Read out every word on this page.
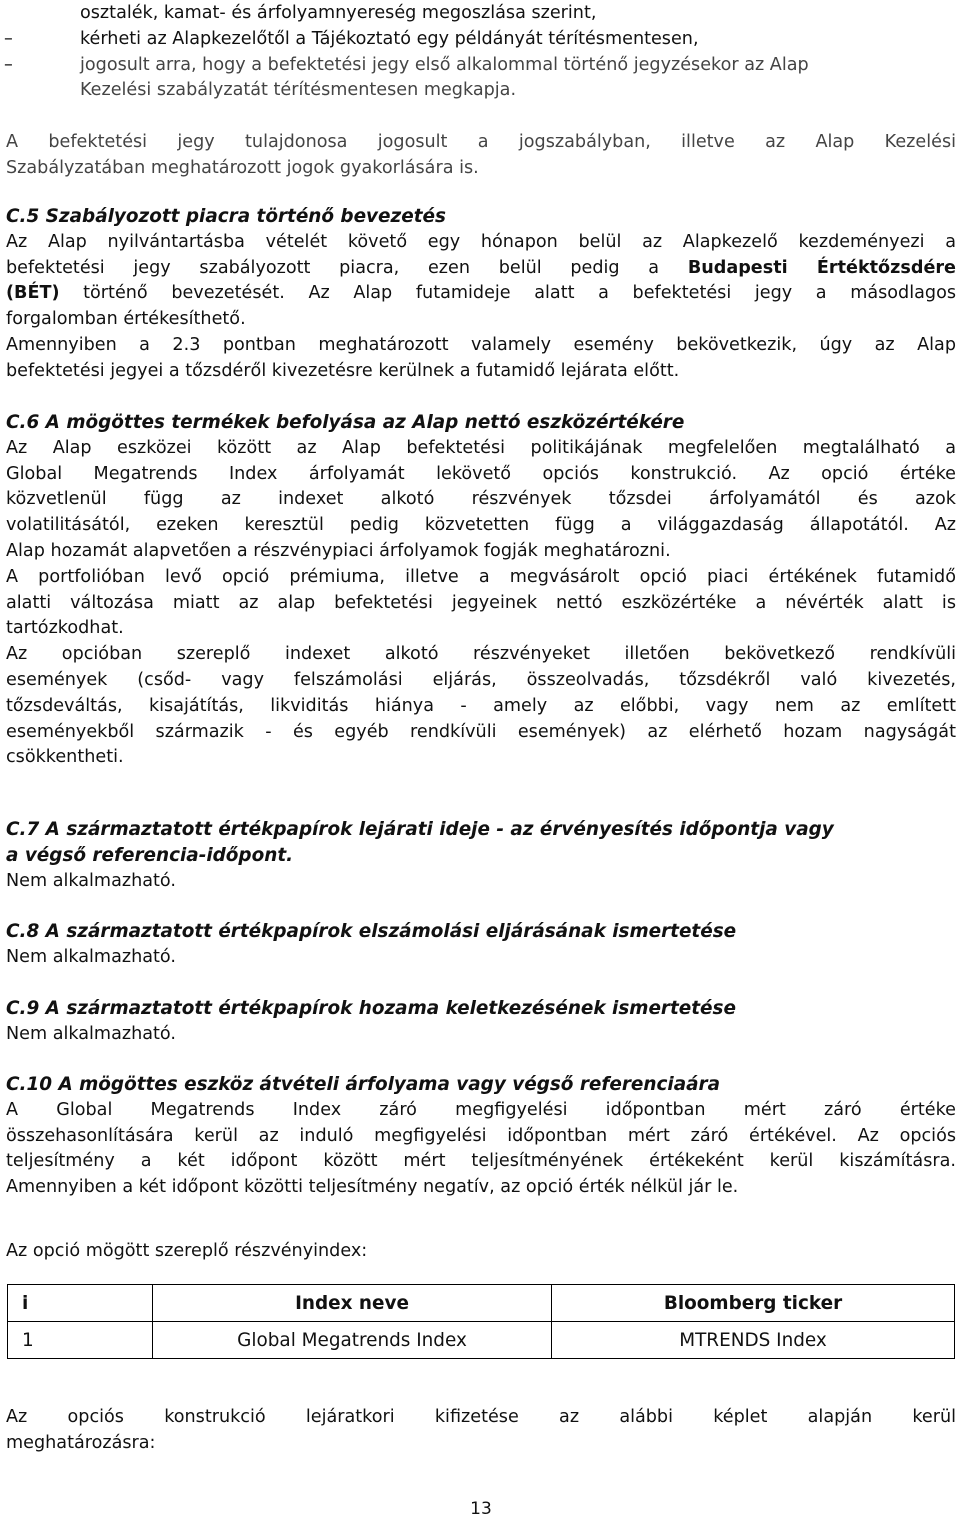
osztalék, kamat- és árfolyamnyereség megoszlása szerint,
–	kérheti az Alapkezelőtől a Tájékoztató egy példányát térítésmentesen,
–	jogosult arra, hogy a befektetési jegy első alkalommal történő jegyzésekor az Alap
Kezelési szabályzatát térítésmentesen megkapja.
A befektetési jegy tulajdonosa jogosult a jogszabályban, illetve az Alap Kezelési
Szabályzatában meghatározott jogok gyakorlására is.
C.5 Szabályozott piacra történő bevezetés
Az Alap nyilvántartásba vételét követő egy hónapon belül az Alapkezelő kezdeményezi a
befektetési jegy szabályozott piacra, ezen belül pedig a Budapesti Értéktőzsdére
(BÉT) történő bevezetését. Az Alap futamideje alatt a befektetési jegy a másodlagos
forgalomban értékesíthető.
Amennyiben a 2.3 pontban meghatározott valamely esemény bekövetkezik, úgy az Alap
befektetési jegyei a tőzsdéről kivezetésre kerülnek a futamidő lejárata előtt.
C.6 A mögöttes termékek befolyása az Alap nettó eszközértékére
Az Alap eszközei között az Alap befektetési politikájának megfelelően megtalálható a
Global Megatrends Index árfolyamát lekövető opciós konstrukció. Az opció értéke
közvetlenül függ az indexet alkotó részvények tőzsdei árfolyamától és azok
volatilitásától, ezeken keresztül pedig közvetetten függ a világgazdaság állapotától. Az
Alap hozamát alapvetően a részvénypiaci árfolyamok fogják meghatározni.
A portfolióban levő opció prémiuma, illetve a megvásárolt opció piaci értékének futamidő
alatti változása miatt az alap befektetési jegyeinek nettó eszközértéke a névérték alatt is
tartózkodhat.
Az opcióban szereplő indexet alkotó részvényeket illetően bekövetkező rendkívüli
események (csőd- vagy felszámolási eljárás, összeolvadás, tőzsdékről való kivezetés,
tőzsdeváltás, kisajátítás, likviditás hiánya - amely az előbbi, vagy nem az említett
eseményekből származik - és egyéb rendkívüli események) az elérhető hozam nagyságát
csökkentheti.
C.7 A származtatott értékpapírok lejárati ideje - az érvényesítés időpontja vagy
a végső referencia-időpont.
Nem alkalmazható.
C.8 A származtatott értékpapírok elszámolási eljárásának ismertetése
Nem alkalmazható.
C.9 A származtatott értékpapírok hozama keletkezésének ismertetése
Nem alkalmazható.
C.10 A mögöttes eszköz átvételi árfolyama vagy végső referenciaára
A Global Megatrends Index záró megfigyelési időpontban mért záró értéke
összehasonlítására kerül az induló megfigyelési időpontban mért záró értékével. Az opciós
teljesítmény a két időpont között mért teljesítményének értékeként kerül kiszámításra.
Amennyiben a két időpont közötti teljesítmény negatív, az opció érték nélkül jár le.
Az opció mögött szereplő részvényindex:
i	Index neve	Bloomberg ticker
1	Global Megatrends Index	MTRENDS Index
Az opciós konstrukció lejáratkori kifizetése az alábbi képlet alapján kerül
meghatározásra:
13
